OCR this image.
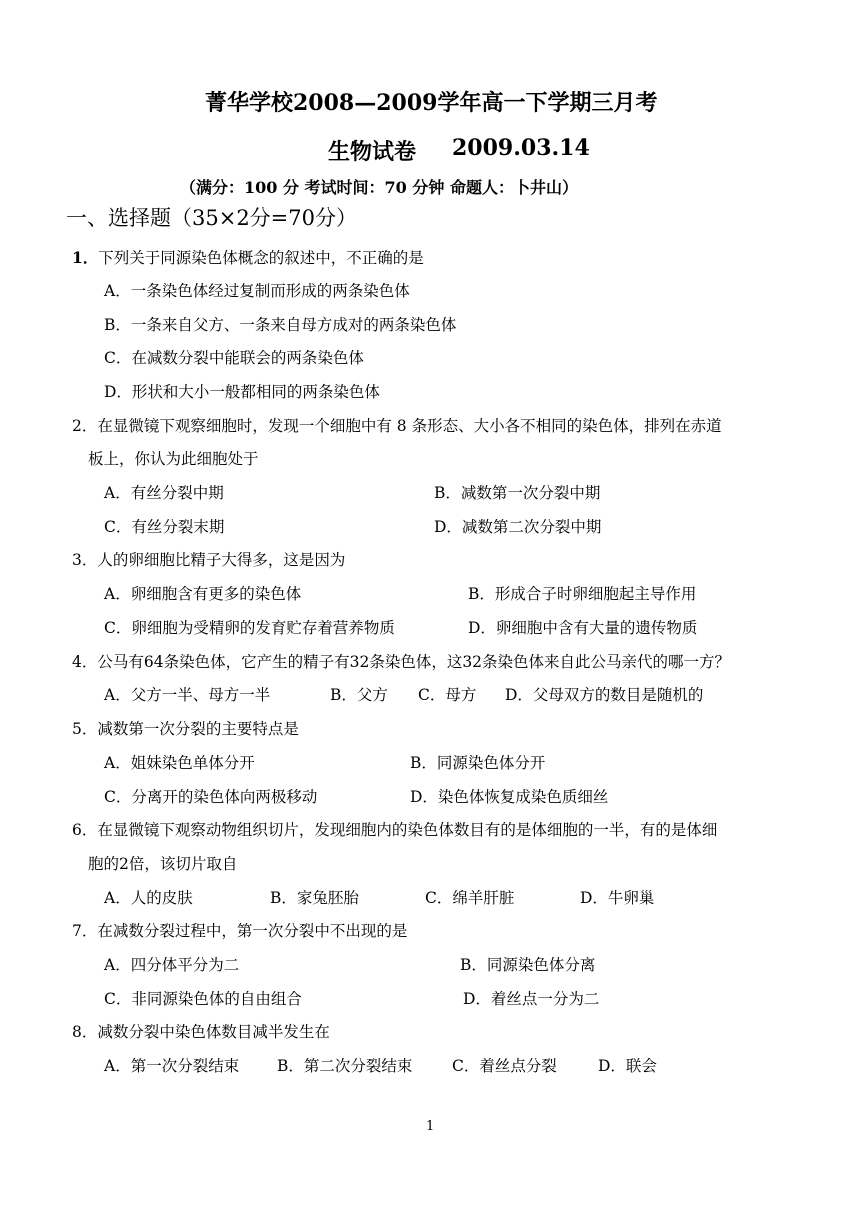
菁华学校2008—2009学年高一下学期三月考
生物试卷 2009.03.14
（满分：100 分 考试时间：70 分钟 命题人：卜井山）
一、选择题（35×2分=70分）
1．下列关于同源染色体概念的叙述中，不正确的是
A．一条染色体经过复制而形成的两条染色体
B．一条来自父方、一条来自母方成对的两条染色体
C．在减数分裂中能联会的两条染色体
D．形状和大小一般都相同的两条染色体
2．在显微镜下观察细胞时，发现一个细胞中有 8 条形态、大小各不相同的染色体，排列在赤道
板上，你认为此细胞处于
A．有丝分裂中期	B．减数第一次分裂中期
C．有丝分裂末期	D．减数第二次分裂中期
3．人的卵细胞比精子大得多，这是因为
A．卵细胞含有更多的染色体	B．形成合子时卵细胞起主导作用
C．卵细胞为受精卵的发育贮存着营养物质	D．卵细胞中含有大量的遗传物质
4．公马有64条染色体，它产生的精子有32条染色体，这32条染色体来自此公马亲代的哪一方？
A．父方一半、母方一半	B．父方 C．母方 D．父母双方的数目是随机的
5．减数第一次分裂的主要特点是
A．姐妹染色单体分开	B．同源染色体分开
C．分离开的染色体向两极移动	D．染色体恢复成染色质细丝
6．在显微镜下观察动物组织切片，发现细胞内的染色体数目有的是体细胞的一半，有的是体细
胞的2倍，该切片取自
A．人的皮肤	B．家兔胚胎	C．绵羊肝脏	D．牛卵巢
7．在减数分裂过程中，第一次分裂中不出现的是
A．四分体平分为二	B．同源染色体分离
C．非同源染色体的自由组合	D．着丝点一分为二
8．减数分裂中染色体数目减半发生在
A．第一次分裂结束 B．第二次分裂结束	C．着丝点分裂	D．联会
1
